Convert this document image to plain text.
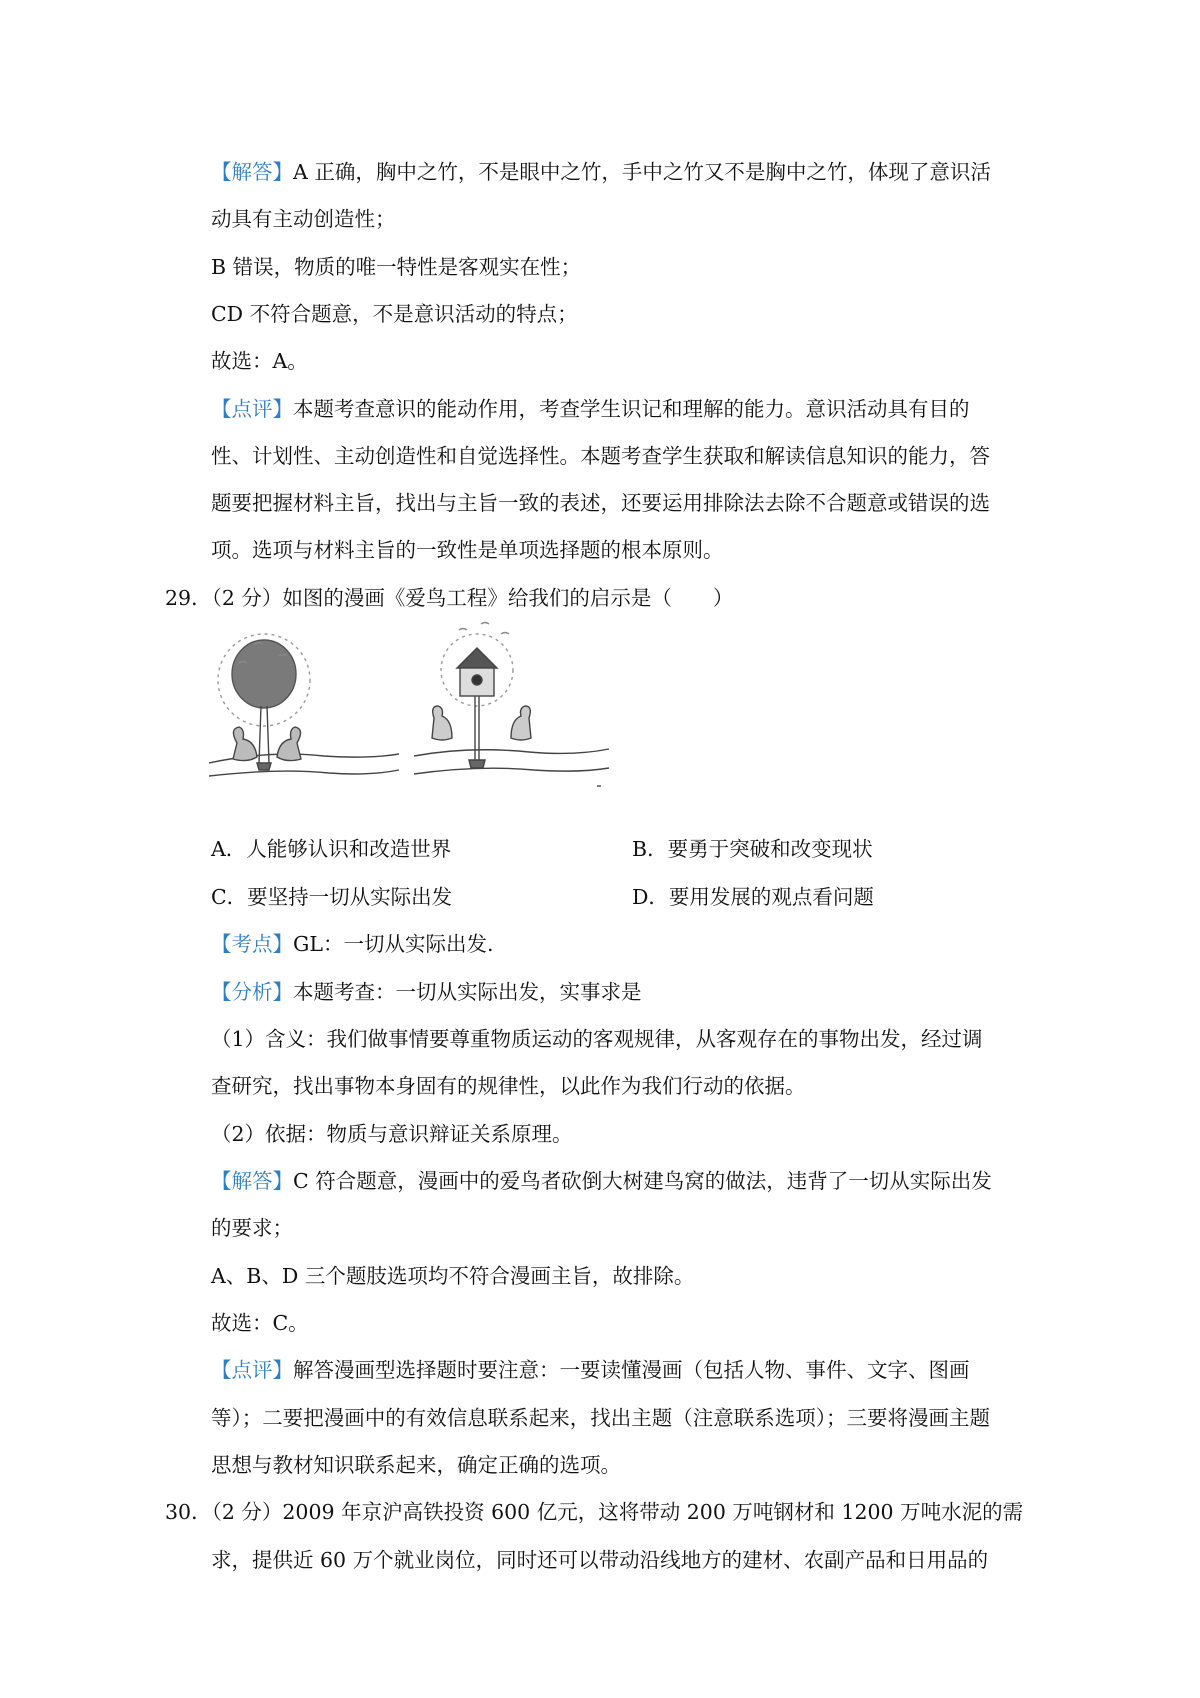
【解答】A 正确，胸中之竹，不是眼中之竹，手中之竹又不是胸中之竹，体现了意识活
动具有主动创造性；
B 错误，物质的唯一特性是客观实在性；
CD 不符合题意，不是意识活动的特点；
故选：A。
【点评】本题考查意识的能动作用，考查学生识记和理解的能力。意识活动具有目的
性、计划性、主动创造性和自觉选择性。本题考查学生获取和解读信息知识的能力，答
题要把握材料主旨，找出与主旨一致的表述，还要运用排除法去除不合题意或错误的选
项。选项与材料主旨的一致性是单项选择题的根本原则。
29．（2 分）如图的漫画《爱鸟工程》给我们的启示是（　　）
A．人能够认识和改造世界	B．要勇于突破和改变现状
C．要坚持一切从实际出发	D．要用发展的观点看问题
【考点】GL：一切从实际出发.
【分析】本题考查：一切从实际出发，实事求是
（1）含义：我们做事情要尊重物质运动的客观规律，从客观存在的事物出发，经过调
查研究，找出事物本身固有的规律性，以此作为我们行动的依据。
（2）依据：物质与意识辩证关系原理。
【解答】C 符合题意，漫画中的爱鸟者砍倒大树建鸟窝的做法，违背了一切从实际出发
的要求；
A、B、D 三个题肢选项均不符合漫画主旨，故排除。
故选：C。
【点评】解答漫画型选择题时要注意：一要读懂漫画（包括人物、事件、文字、图画
等）；二要把漫画中的有效信息联系起来，找出主题（注意联系选项）；三要将漫画主题
思想与教材知识联系起来，确定正确的选项。
30．（2 分）2009 年京沪高铁投资 600 亿元，这将带动 200 万吨钢材和 1200 万吨水泥的需
求，提供近 60 万个就业岗位，同时还可以带动沿线地方的建材、农副产品和日用品的
